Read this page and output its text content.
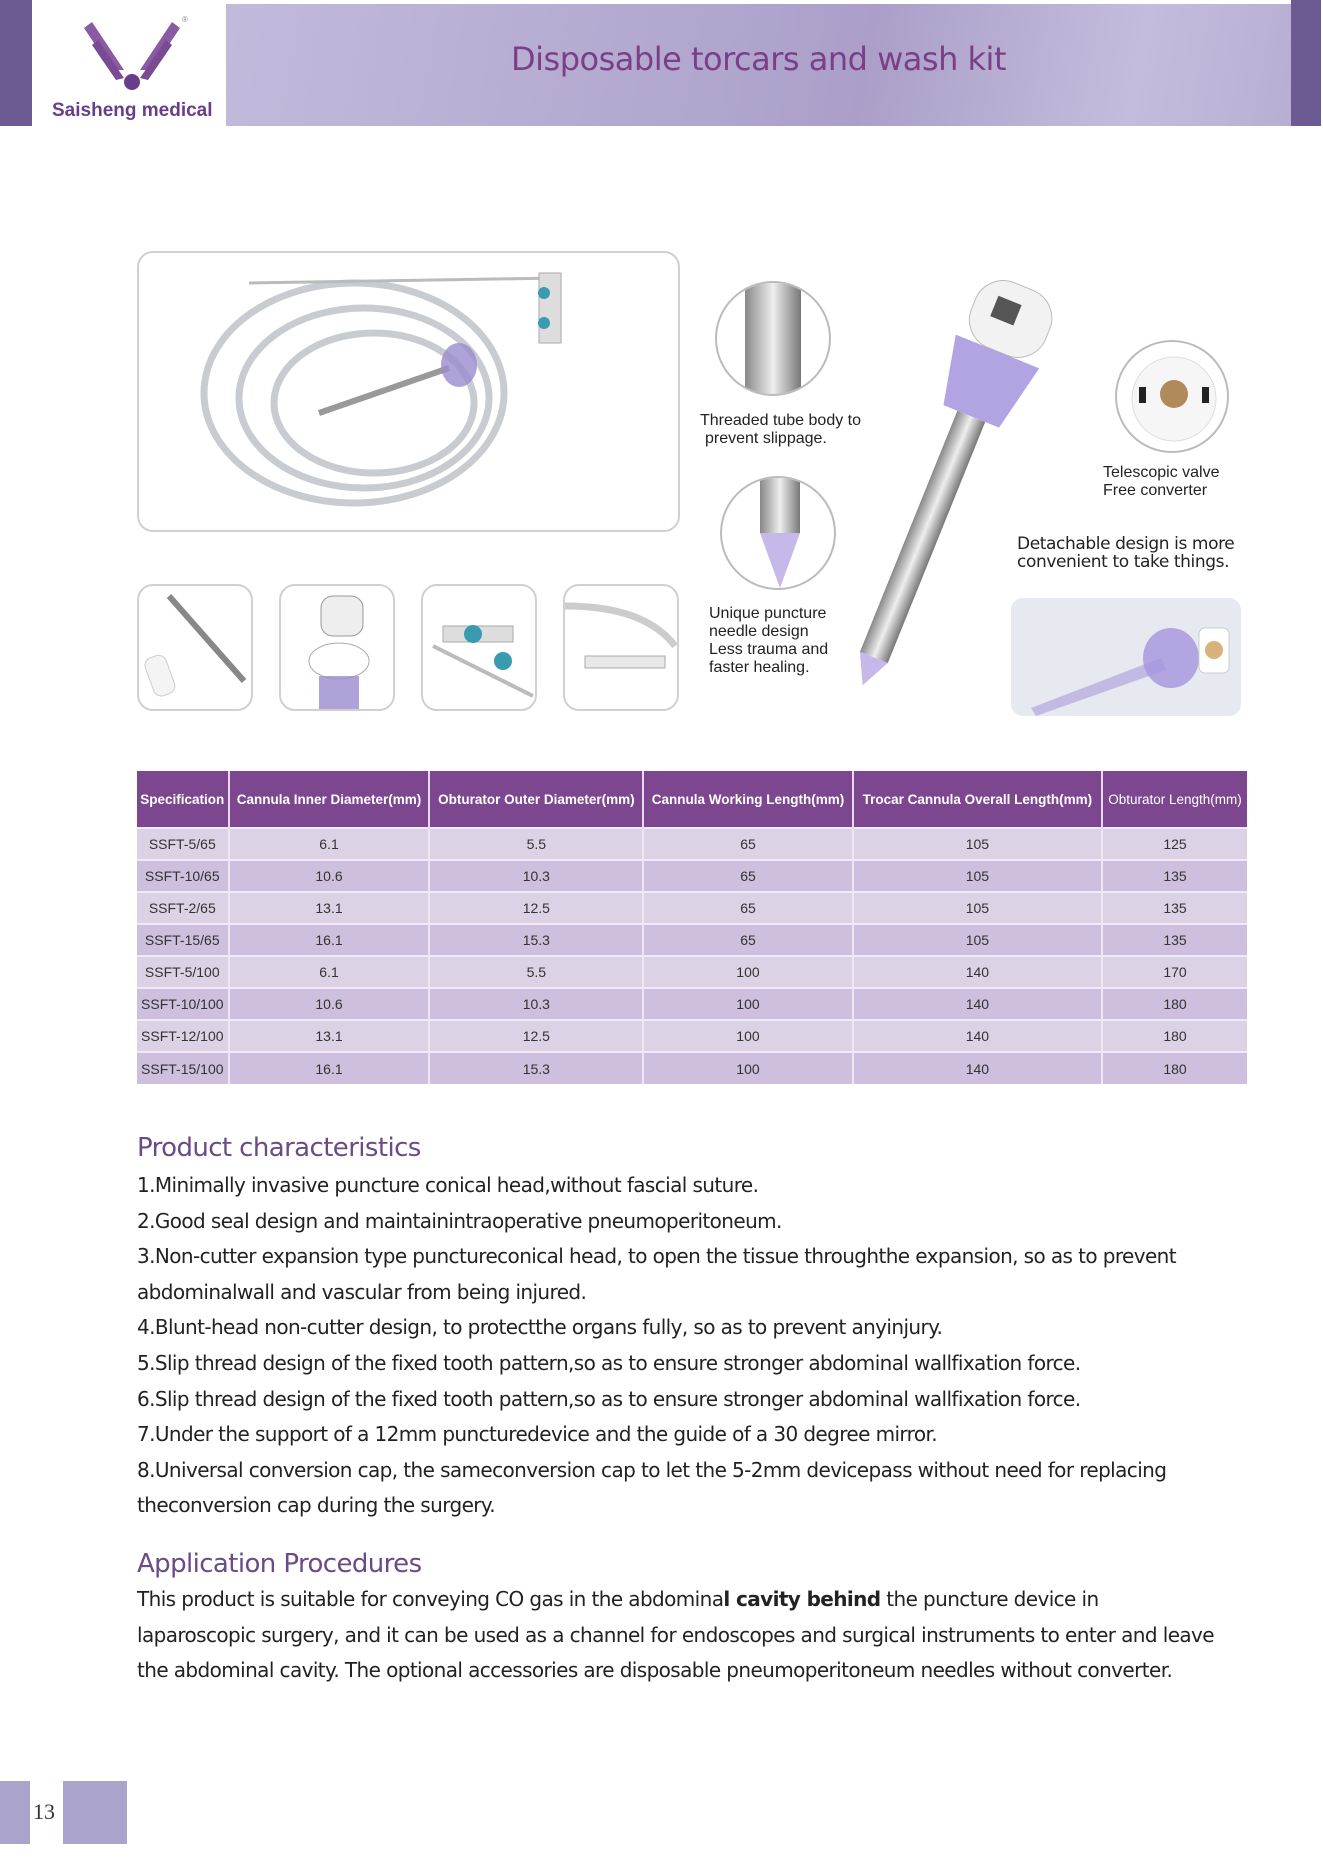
®
Saisheng medical
Disposable torcars and wash kit
Threaded tube body to
prevent slippage.
Unique puncture
needle design
Less trauma and
faster healing.
Telescopic valve
Free converter
Detachable design is more
convenient to take things.
Specification	Cannula Inner Diameter(mm)	Obturator Outer Diameter(mm)	Cannula Working Length(mm)	Trocar Cannula Overall Length(mm)	Obturator Length(mm)
SSFT-5/65	6.1	5.5	65	105	125
SSFT-10/65	10.6	10.3	65	105	135
SSFT-2/65	13.1	12.5	65	105	135
SSFT-15/65	16.1	15.3	65	105	135
SSFT-5/100	6.1	5.5	100	140	170
SSFT-10/100	10.6	10.3	100	140	180
SSFT-12/100	13.1	12.5	100	140	180
SSFT-15/100	16.1	15.3	100	140	180
Product characteristics
1.Minimally invasive puncture conical head,without fascial suture.
2.Good seal design and maintainintraoperative pneumoperitoneum.
3.Non-cutter expansion type punctureconical head, to open the tissue throughthe expansion, so as to prevent abdominalwall and vascular from being injured.
4.Blunt-head non-cutter design, to protectthe organs fully, so as to prevent anyinjury.
5.Slip thread design of the fixed tooth pattern,so as to ensure stronger abdominal wallfixation force.
6.Slip thread design of the fixed tooth pattern,so as to ensure stronger abdominal wallfixation force.
7.Under the support of a 12mm puncturedevice and the guide of a 30 degree mirror.
8.Universal conversion cap, the sameconversion cap to let the 5-2mm devicepass without need for replacing theconversion cap during the surgery.
Application Procedures
This product is suitable for conveying CO gas in the abdominal cavity behind the puncture device in laparoscopic surgery, and it can be used as a channel for endoscopes and surgical instruments to enter and leave the abdominal cavity. The optional accessories are disposable pneumoperitoneum needles without converter.
13
